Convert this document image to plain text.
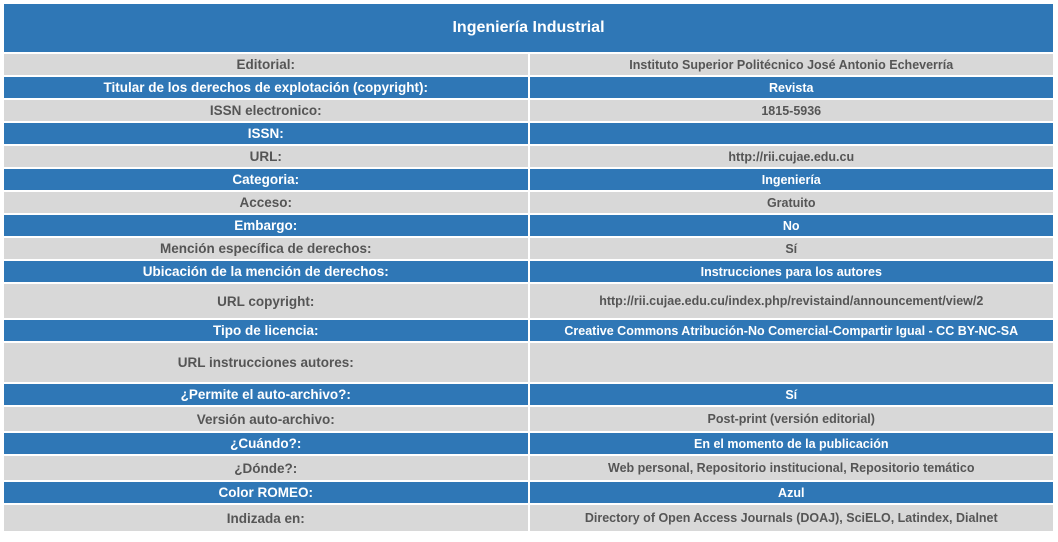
Ingeniería Industrial	
Editorial:	Instituto Superior Politécnico José Antonio Echeverría
Titular de los derechos de explotación (copyright):	Revista
ISSN electronico:	1815-5936
ISSN:	
URL:	http://rii.cujae.edu.cu
Categoria:	Ingeniería
Acceso:	Gratuito
Embargo:	No
Mención específica de derechos:	Sí
Ubicación de la mención de derechos:	Instrucciones para los autores
URL copyright:	http://rii.cujae.edu.cu/index.php/revistaind/announcement/view/2
Tipo de licencia:	Creative Commons Atribución-No Comercial-Compartir Igual - CC BY-NC-SA
URL instrucciones autores:	
¿Permite el auto-archivo?:	Sí
Versión auto-archivo:	Post-print (versión editorial)
¿Cuándo?:	En el momento de la publicación
¿Dónde?:	Web personal, Repositorio institucional, Repositorio temático
Color ROMEO:	Azul
Indizada en:	Directory of Open Access Journals (DOAJ), SciELO, Latindex, Dialnet
